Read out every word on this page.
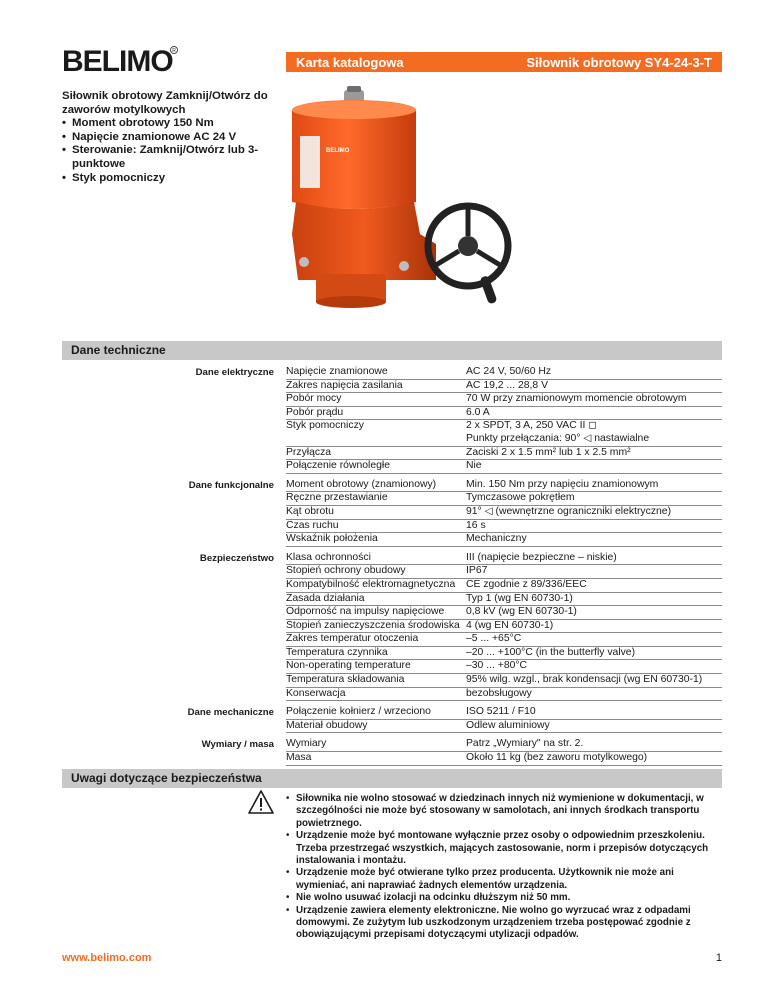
BELIMO R
Karta katalogowa	Siłownik obrotowy SY4-24-3-T
Siłownik obrotowy Zamknij/Otwórz do zaworów motylkowych
• Moment obrotowy 150 Nm
• Napięcie znamionowe AC 24 V
• Sterowanie: Zamknij/Otwórz lub 3-punktowe
• Styk pomocniczy
BELIMO
Dane techniczne
Dane elektryczne	Napięcie znamionowe	AC 24 V, 50/60 Hz
Zakres napięcia zasilania	AC 19,2 ... 28,8 V
Pobór mocy	70 W przy znamionowym momencie obrotowym
Pobór prądu	6.0 A
Styk pomocniczy	2 x SPDT, 3 A, 250 VAC II ◻
Punkty przełączania: 90° ◁ nastawialne
Przyłącza	Zaciski 2 x 1.5 mm² lub 1 x 2.5 mm²
Połączenie równoległe	Nie
Dane funkcjonalne	Moment obrotowy (znamionowy)	Min. 150 Nm przy napięciu znamionowym
Ręczne przestawianie	Tymczasowe pokrętłem
Kąt obrotu	91° ◁ (wewnętrzne ograniczniki elektryczne)
Czas ruchu	16 s
Wskaźnik położenia	Mechaniczny
Bezpieczeństwo	Klasa ochronności	III (napięcie bezpieczne – niskie)
Stopień ochrony obudowy	IP67
Kompatybilność elektromagnetyczna	CE zgodnie z 89/336/EEC
Zasada działania	Typ 1 (wg EN 60730-1)
Odporność na impulsy napięciowe	0,8 kV (wg EN 60730-1)
Stopień zanieczyszczenia środowiska 4 (wg EN 60730-1)
Zakres temperatur otoczenia	–5 ... +65°C
Temperatura czynnika	–20 ... +100°C (in the butterfly valve)
Non-operating temperature	–30 ... +80°C
Temperatura składowania	95% wilg. wzgl., brak kondensacji (wg EN 60730-1)
Konserwacja	bezobsługowy
Dane mechaniczne	Połączenie kołnierz / wrzeciono	ISO 5211 / F10
Materiał obudowy	Odlew aluminiowy
Wymiary / masa	Wymiary	Patrz „Wymiary" na str. 2.
Masa	Około 11 kg (bez zaworu motylkowego)
Uwagi dotyczące bezpieczeństwa
• Siłownika nie wolno stosować w dziedzinach innych niż wymienione w dokumentacji, w szczególności nie może być stosowany w samolotach, ani innych środkach transportu powietrznego.
• Urządzenie może być montowane wyłącznie przez osoby o odpowiednim przeszkoleniu. Trzeba przestrzegać wszystkich, mających zastosowanie, norm i przepisów dotyczących instalowania i montażu.
• Urządzenie może być otwierane tylko przez producenta. Użytkownik nie może ani wymieniać, ani naprawiać żadnych elementów urządzenia.
• Nie wolno usuwać izolacji na odcinku dłuższym niż 50 mm.
• Urządzenie zawiera elementy elektroniczne. Nie wolno go wyrzucać wraz z odpadami domowymi. Ze zużytym lub uszkodzonym urządzeniem trzeba postępować zgodnie z obowiązującymi przepisami dotyczącymi utylizacji odpadów.
www.belimo.com	1
